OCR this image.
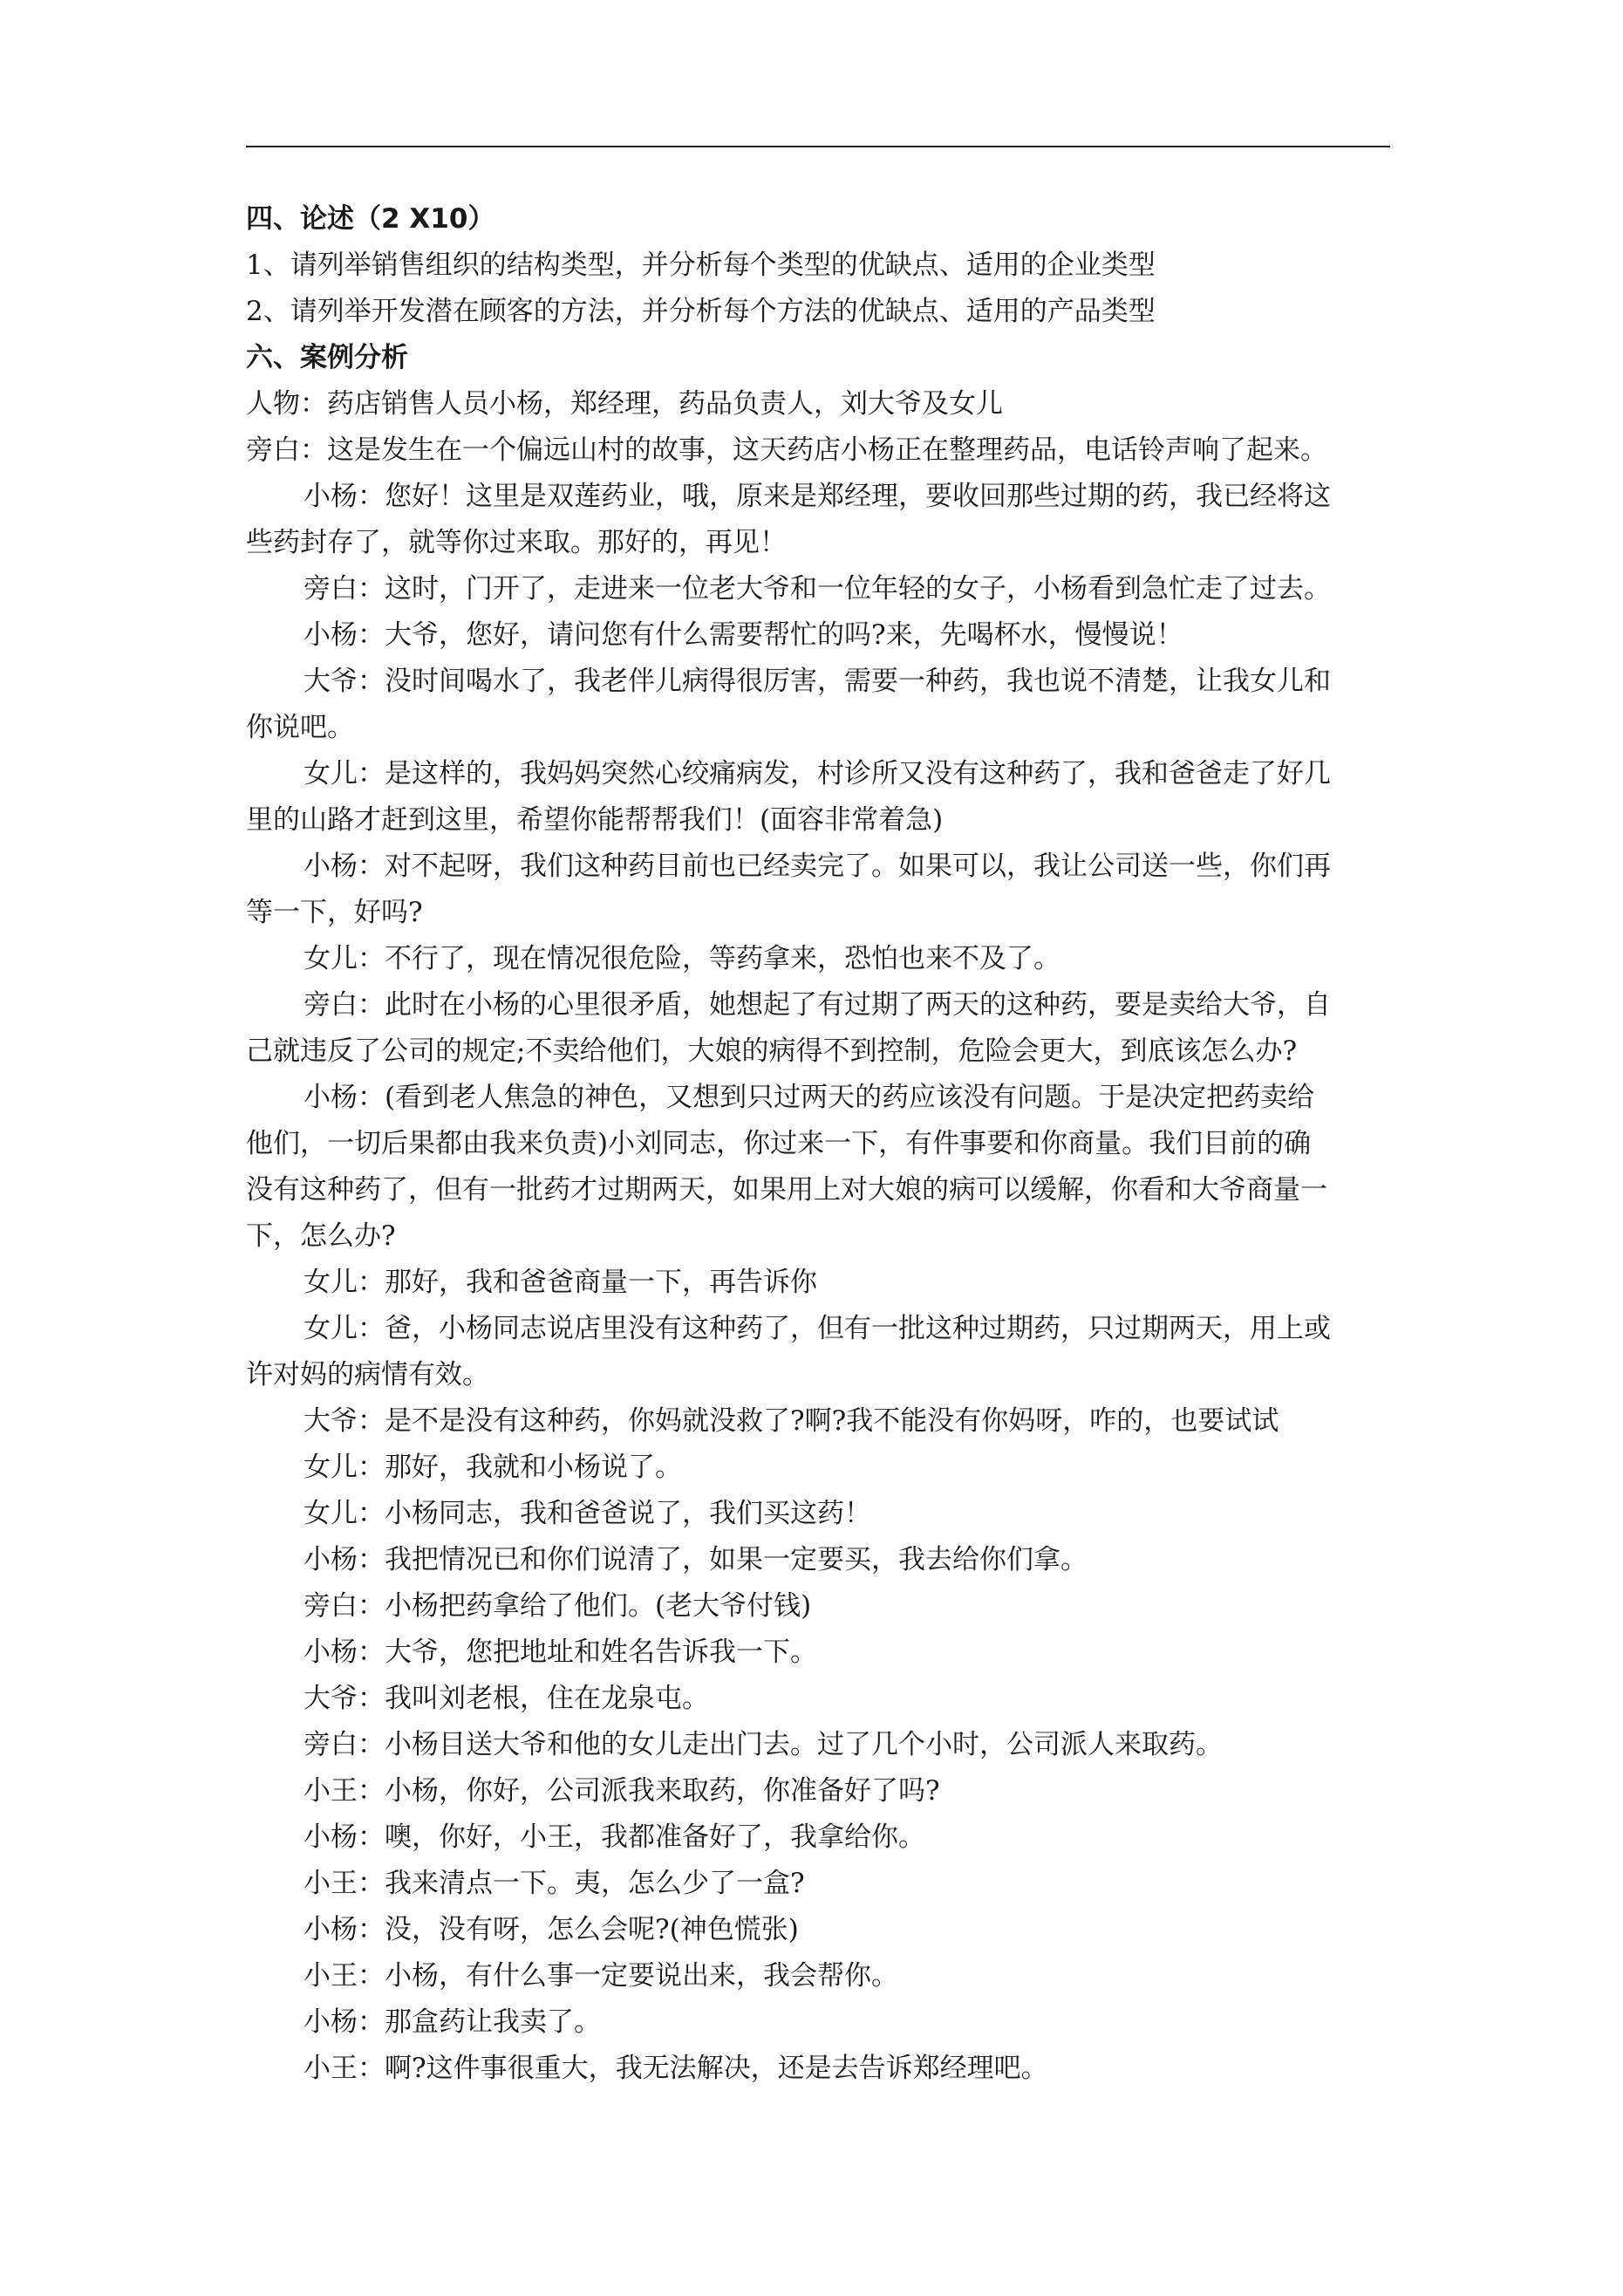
四、论述（2 X10）
1、请列举销售组织的结构类型，并分析每个类型的优缺点、适用的企业类型
2、请列举开发潜在顾客的方法，并分析每个方法的优缺点、适用的产品类型
六、案例分析
人物：药店销售人员小杨，郑经理，药品负责人，刘大爷及女儿
旁白：这是发生在一个偏远山村的故事，这天药店小杨正在整理药品，电话铃声响了起来。
小杨：您好！这里是双莲药业，哦，原来是郑经理，要收回那些过期的药，我已经将这
些药封存了，就等你过来取。那好的，再见！
旁白：这时，门开了，走进来一位老大爷和一位年轻的女子，小杨看到急忙走了过去。
小杨：大爷，您好，请问您有什么需要帮忙的吗?来，先喝杯水，慢慢说！
大爷：没时间喝水了，我老伴儿病得很厉害，需要一种药，我也说不清楚，让我女儿和
你说吧。
女儿：是这样的，我妈妈突然心绞痛病发，村诊所又没有这种药了，我和爸爸走了好几
里的山路才赶到这里，希望你能帮帮我们！(面容非常着急)
小杨：对不起呀，我们这种药目前也已经卖完了。如果可以，我让公司送一些，你们再
等一下，好吗?
女儿：不行了，现在情况很危险，等药拿来，恐怕也来不及了。
旁白：此时在小杨的心里很矛盾，她想起了有过期了两天的这种药，要是卖给大爷，自
己就违反了公司的规定;不卖给他们，大娘的病得不到控制，危险会更大，到底该怎么办?
小杨：(看到老人焦急的神色，又想到只过两天的药应该没有问题。于是决定把药卖给
他们，一切后果都由我来负责)小刘同志，你过来一下，有件事要和你商量。我们目前的确
没有这种药了，但有一批药才过期两天，如果用上对大娘的病可以缓解，你看和大爷商量一
下，怎么办?
女儿：那好，我和爸爸商量一下，再告诉你
女儿：爸，小杨同志说店里没有这种药了，但有一批这种过期药，只过期两天，用上或
许对妈的病情有效。
大爷：是不是没有这种药，你妈就没救了?啊?我不能没有你妈呀，咋的，也要试试
女儿：那好，我就和小杨说了。
女儿：小杨同志，我和爸爸说了，我们买这药！
小杨：我把情况已和你们说清了，如果一定要买，我去给你们拿。
旁白：小杨把药拿给了他们。(老大爷付钱)
小杨：大爷，您把地址和姓名告诉我一下。
大爷：我叫刘老根，住在龙泉屯。
旁白：小杨目送大爷和他的女儿走出门去。过了几个小时，公司派人来取药。
小王：小杨，你好，公司派我来取药，你准备好了吗?
小杨：噢，你好，小王，我都准备好了，我拿给你。
小王：我来清点一下。夷，怎么少了一盒?
小杨：没，没有呀，怎么会呢?(神色慌张)
小王：小杨，有什么事一定要说出来，我会帮你。
小杨：那盒药让我卖了。
小王：啊?这件事很重大，我无法解决，还是去告诉郑经理吧。
